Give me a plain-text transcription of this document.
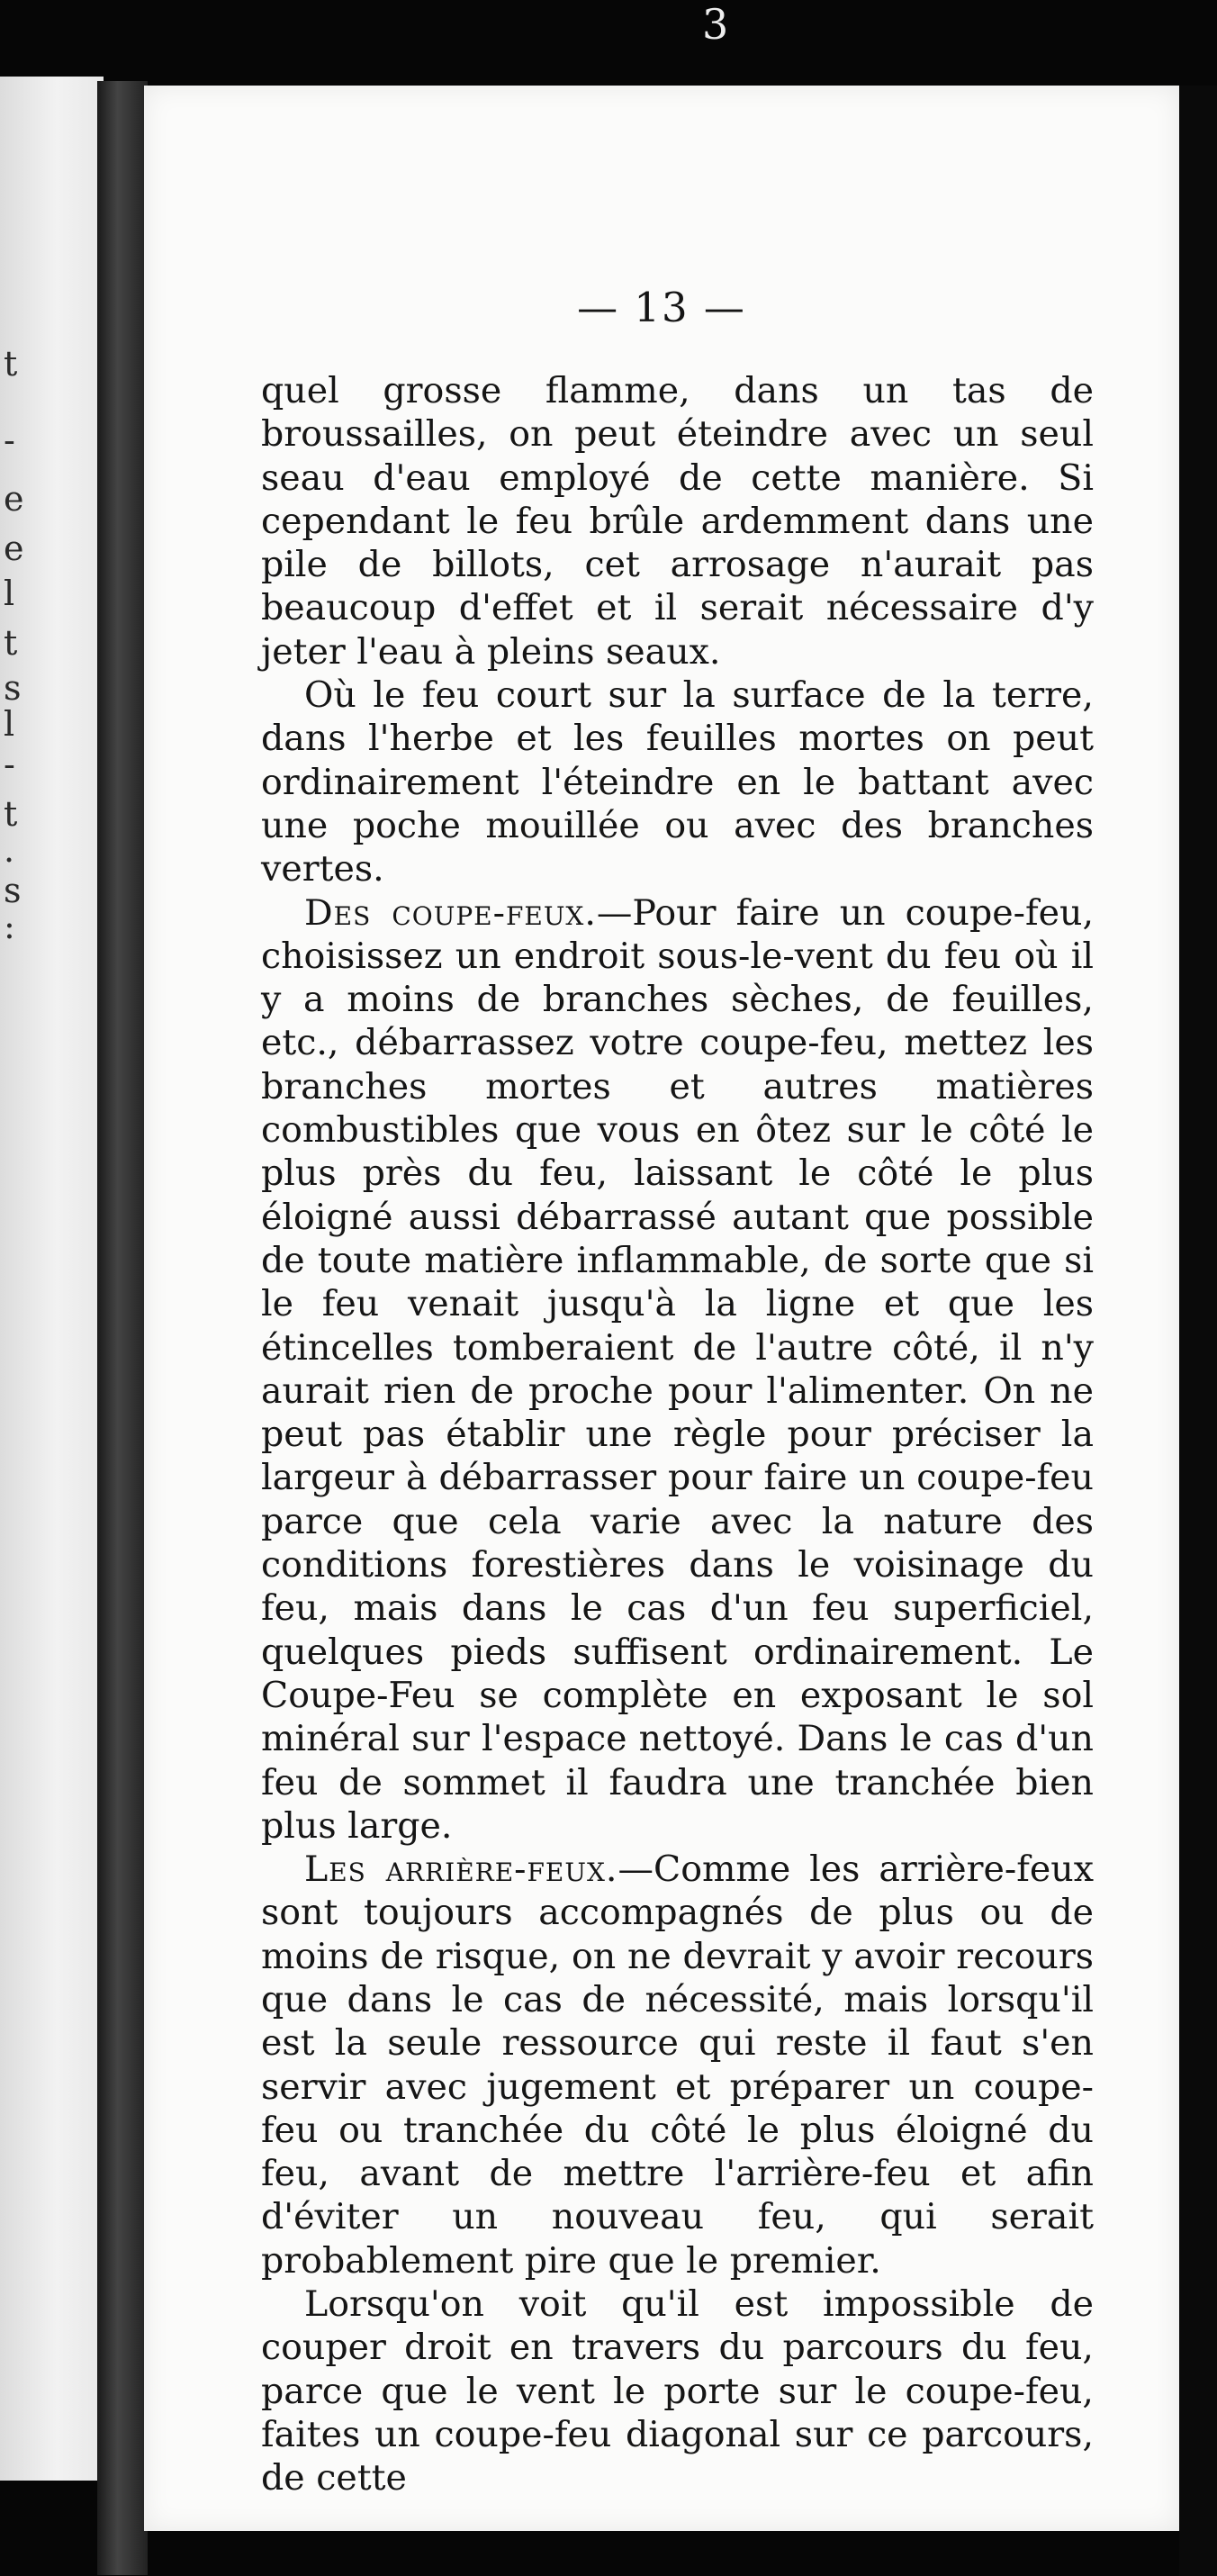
t
-
e
e
l
t
s
l
-
t
.
s
:
3
— 13 —

quel grosse flamme, dans un tas de broussailles, on peut éteindre avec un seul seau d'eau employé de cette manière. Si cependant le feu brûle ardemment dans une pile de billots, cet arrosage n'aurait pas beaucoup d'effet et il serait nécessaire d'y jeter l'eau à pleins seaux.

Où le feu court sur la surface de la terre, dans l'herbe et les feuilles mortes on peut ordinairement l'éteindre en le battant avec une poche mouillée ou avec des branches vertes.

Des coupe-feux.—Pour faire un coupe-feu, choisissez un endroit sous-le-vent du feu où il y a moins de branches sèches, de feuilles, etc., débarrassez votre coupe-feu, mettez les branches mortes et autres matières combustibles que vous en ôtez sur le côté le plus près du feu, laissant le côté le plus éloigné aussi débarrassé autant que possible de toute matière inflammable, de sorte que si le feu venait jusqu'à la ligne et que les étincelles tomberaient de l'autre côté, il n'y aurait rien de proche pour l'alimenter. On ne peut pas établir une règle pour préciser la largeur à débarrasser pour faire un coupe-feu parce que cela varie avec la nature des conditions forestières dans le voisinage du feu, mais dans le cas d'un feu superficiel, quelques pieds suffisent ordinairement. Le Coupe-Feu se complète en exposant le sol minéral sur l'espace nettoyé. Dans le cas d'un feu de sommet il faudra une tranchée bien plus large.

Les arrière-feux.—Comme les arrière-feux sont toujours accompagnés de plus ou de moins de risque, on ne devrait y avoir recours que dans le cas de nécessité, mais lorsqu'il est la seule ressource qui reste il faut s'en servir avec jugement et préparer un coupe-feu ou tranchée du côté le plus éloigné du feu, avant de mettre l'arrière-feu et afin d'éviter un nouveau feu, qui serait probablement pire que le premier.

Lorsqu'on voit qu'il est impossible de couper droit en travers du parcours du feu, parce que le vent le porte sur le coupe-feu, faites un coupe-feu diagonal sur ce parcours, de cette
